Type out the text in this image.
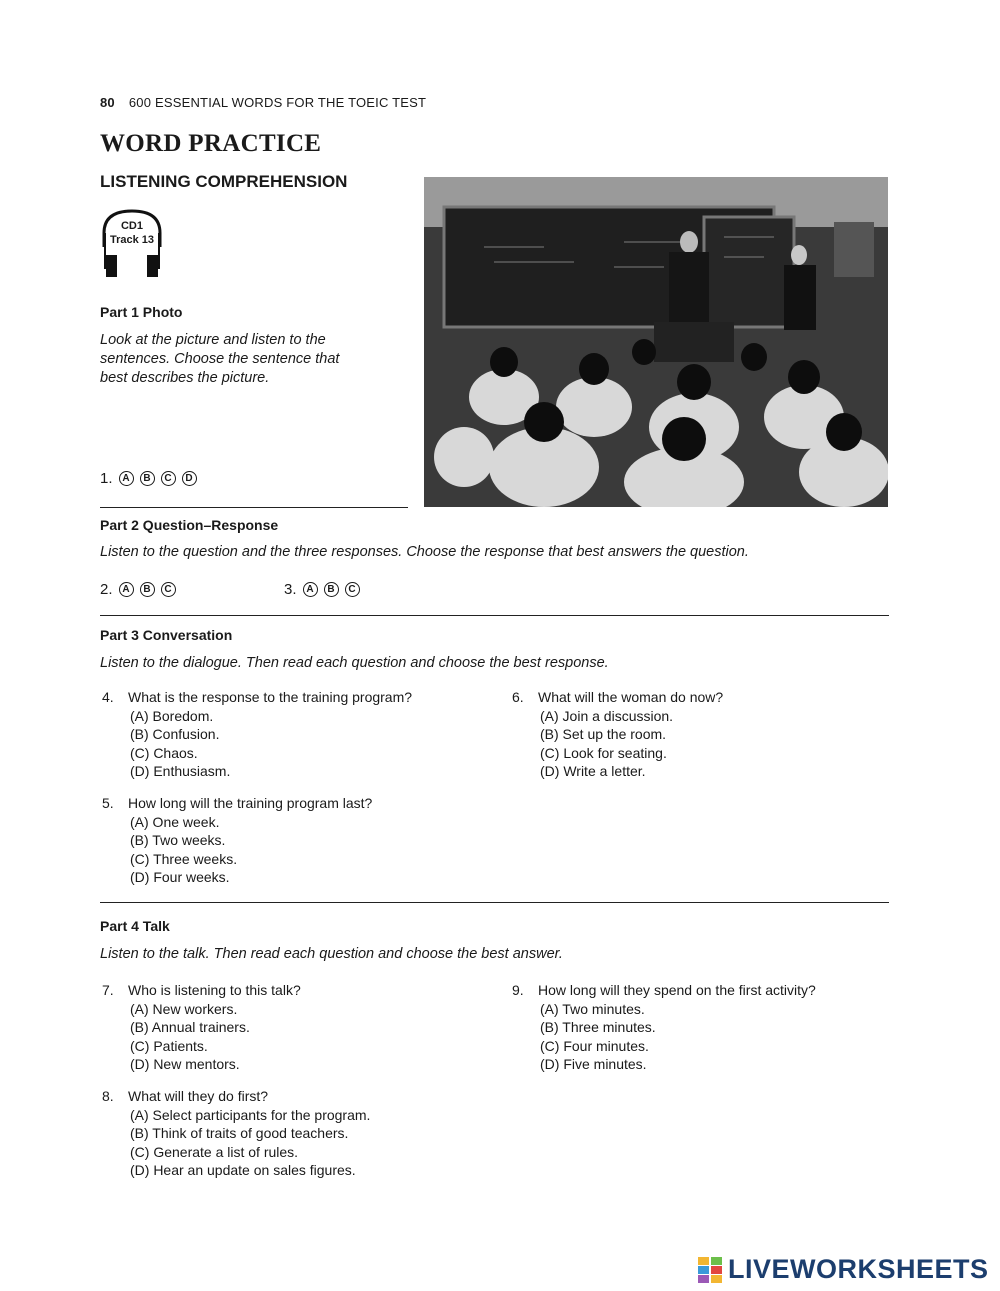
80 600 ESSENTIAL WORDS FOR THE TOEIC TEST
WORD PRACTICE
LISTENING COMPREHENSION
CD1
Track 13
Part 1 Photo
Look at the picture and listen to the sentences. Choose the sentence that best describes the picture.
1. A	B	C	D
Part 2 Question–Response
Listen to the question and the three responses. Choose the response that best answers the question.
2. A	B	C	3. A	B	C
Part 3 Conversation
Listen to the dialogue. Then read each question and choose the best response.
4.	What is the response to the training program?
(A) Boredom.
(B) Confusion.
(C) Chaos.
(D) Enthusiasm.
5.	How long will the training program last?
(A) One week.
(B) Two weeks.
(C) Three weeks.
(D) Four weeks.
6.	What will the woman do now?
(A) Join a discussion.
(B) Set up the room.
(C) Look for seating.
(D) Write a letter.
Part 4 Talk
Listen to the talk. Then read each question and choose the best answer.
7.	Who is listening to this talk?
(A) New workers.
(B) Annual trainers.
(C) Patients.
(D) New mentors.
8.	What will they do first?
(A) Select participants for the program.
(B) Think of traits of good teachers.
(C) Generate a list of rules.
(D) Hear an update on sales figures.
9.	How long will they spend on the first activity?
(A) Two minutes.
(B) Three minutes.
(C) Four minutes.
(D) Five minutes.
LIVEWORKSHEETS
